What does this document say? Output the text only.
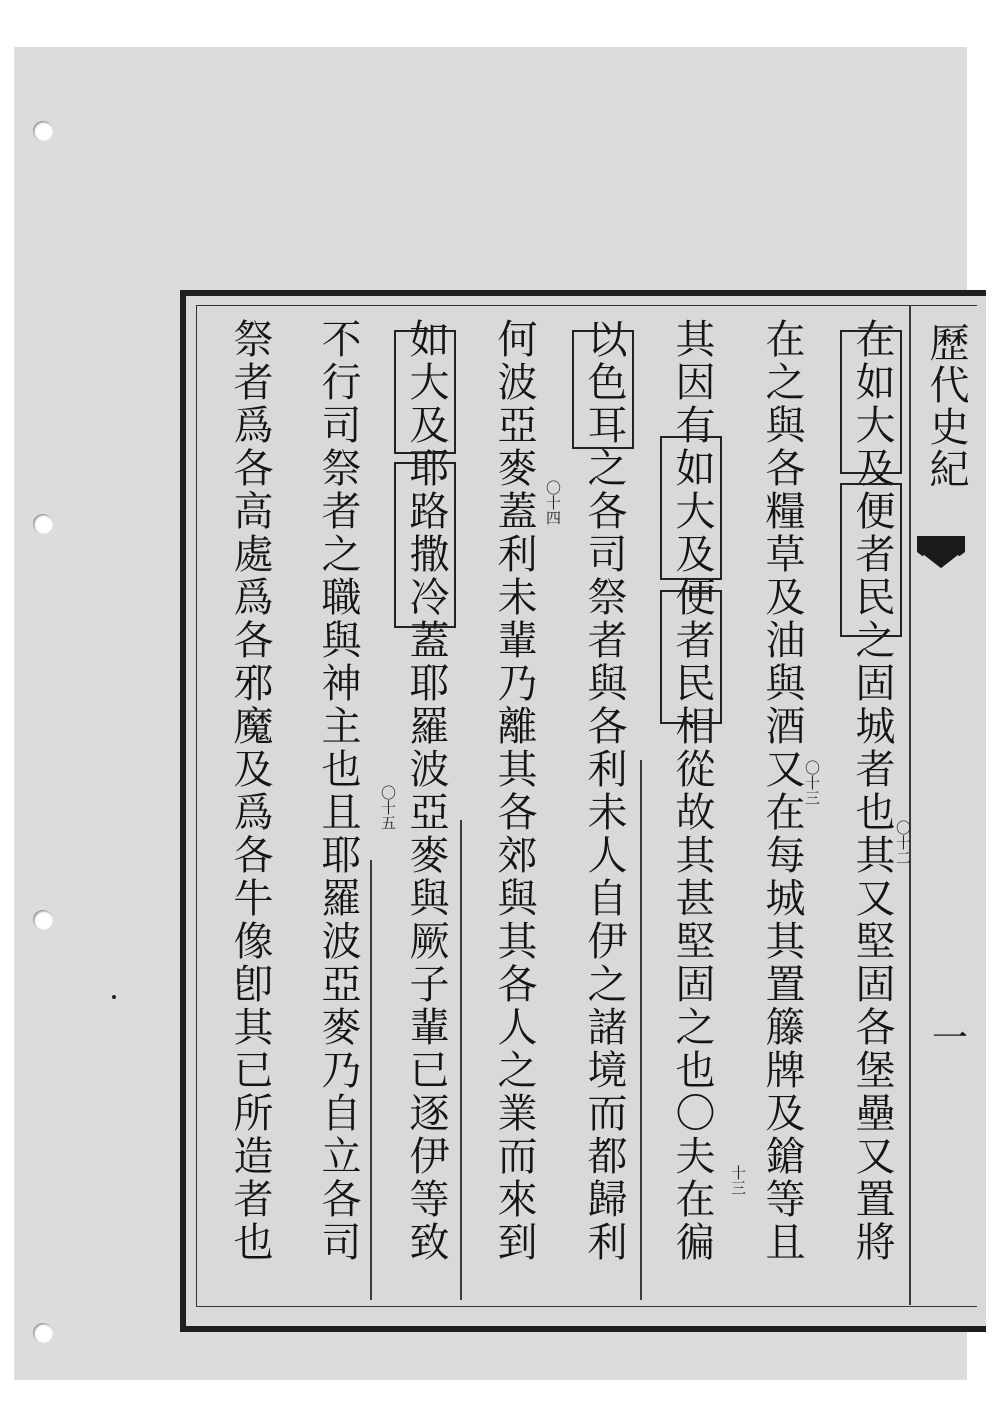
歷代史紀
一
在如大及便者民之固城者也其又堅固各堡壘又置將
在之與各糧草及油與酒又在每城其置籐牌及鎗等且
其因有如大及便者民相從故其甚堅固之也〇夫在徧
以色耳之各司祭者與各利未人自伊之諸境而都歸利
何波亞麥蓋利未輩乃離其各郊與其各人之業而來到
如大及耶路撒冷蓋耶羅波亞麥與厥子輩已逐伊等致
不行司祭者之職與神主也且耶羅波亞麥乃自立各司
祭者爲各高處爲各邪魔及爲各牛像卽其已所造者也	〇十二
〇十三
十三
〇十四
〇十五
